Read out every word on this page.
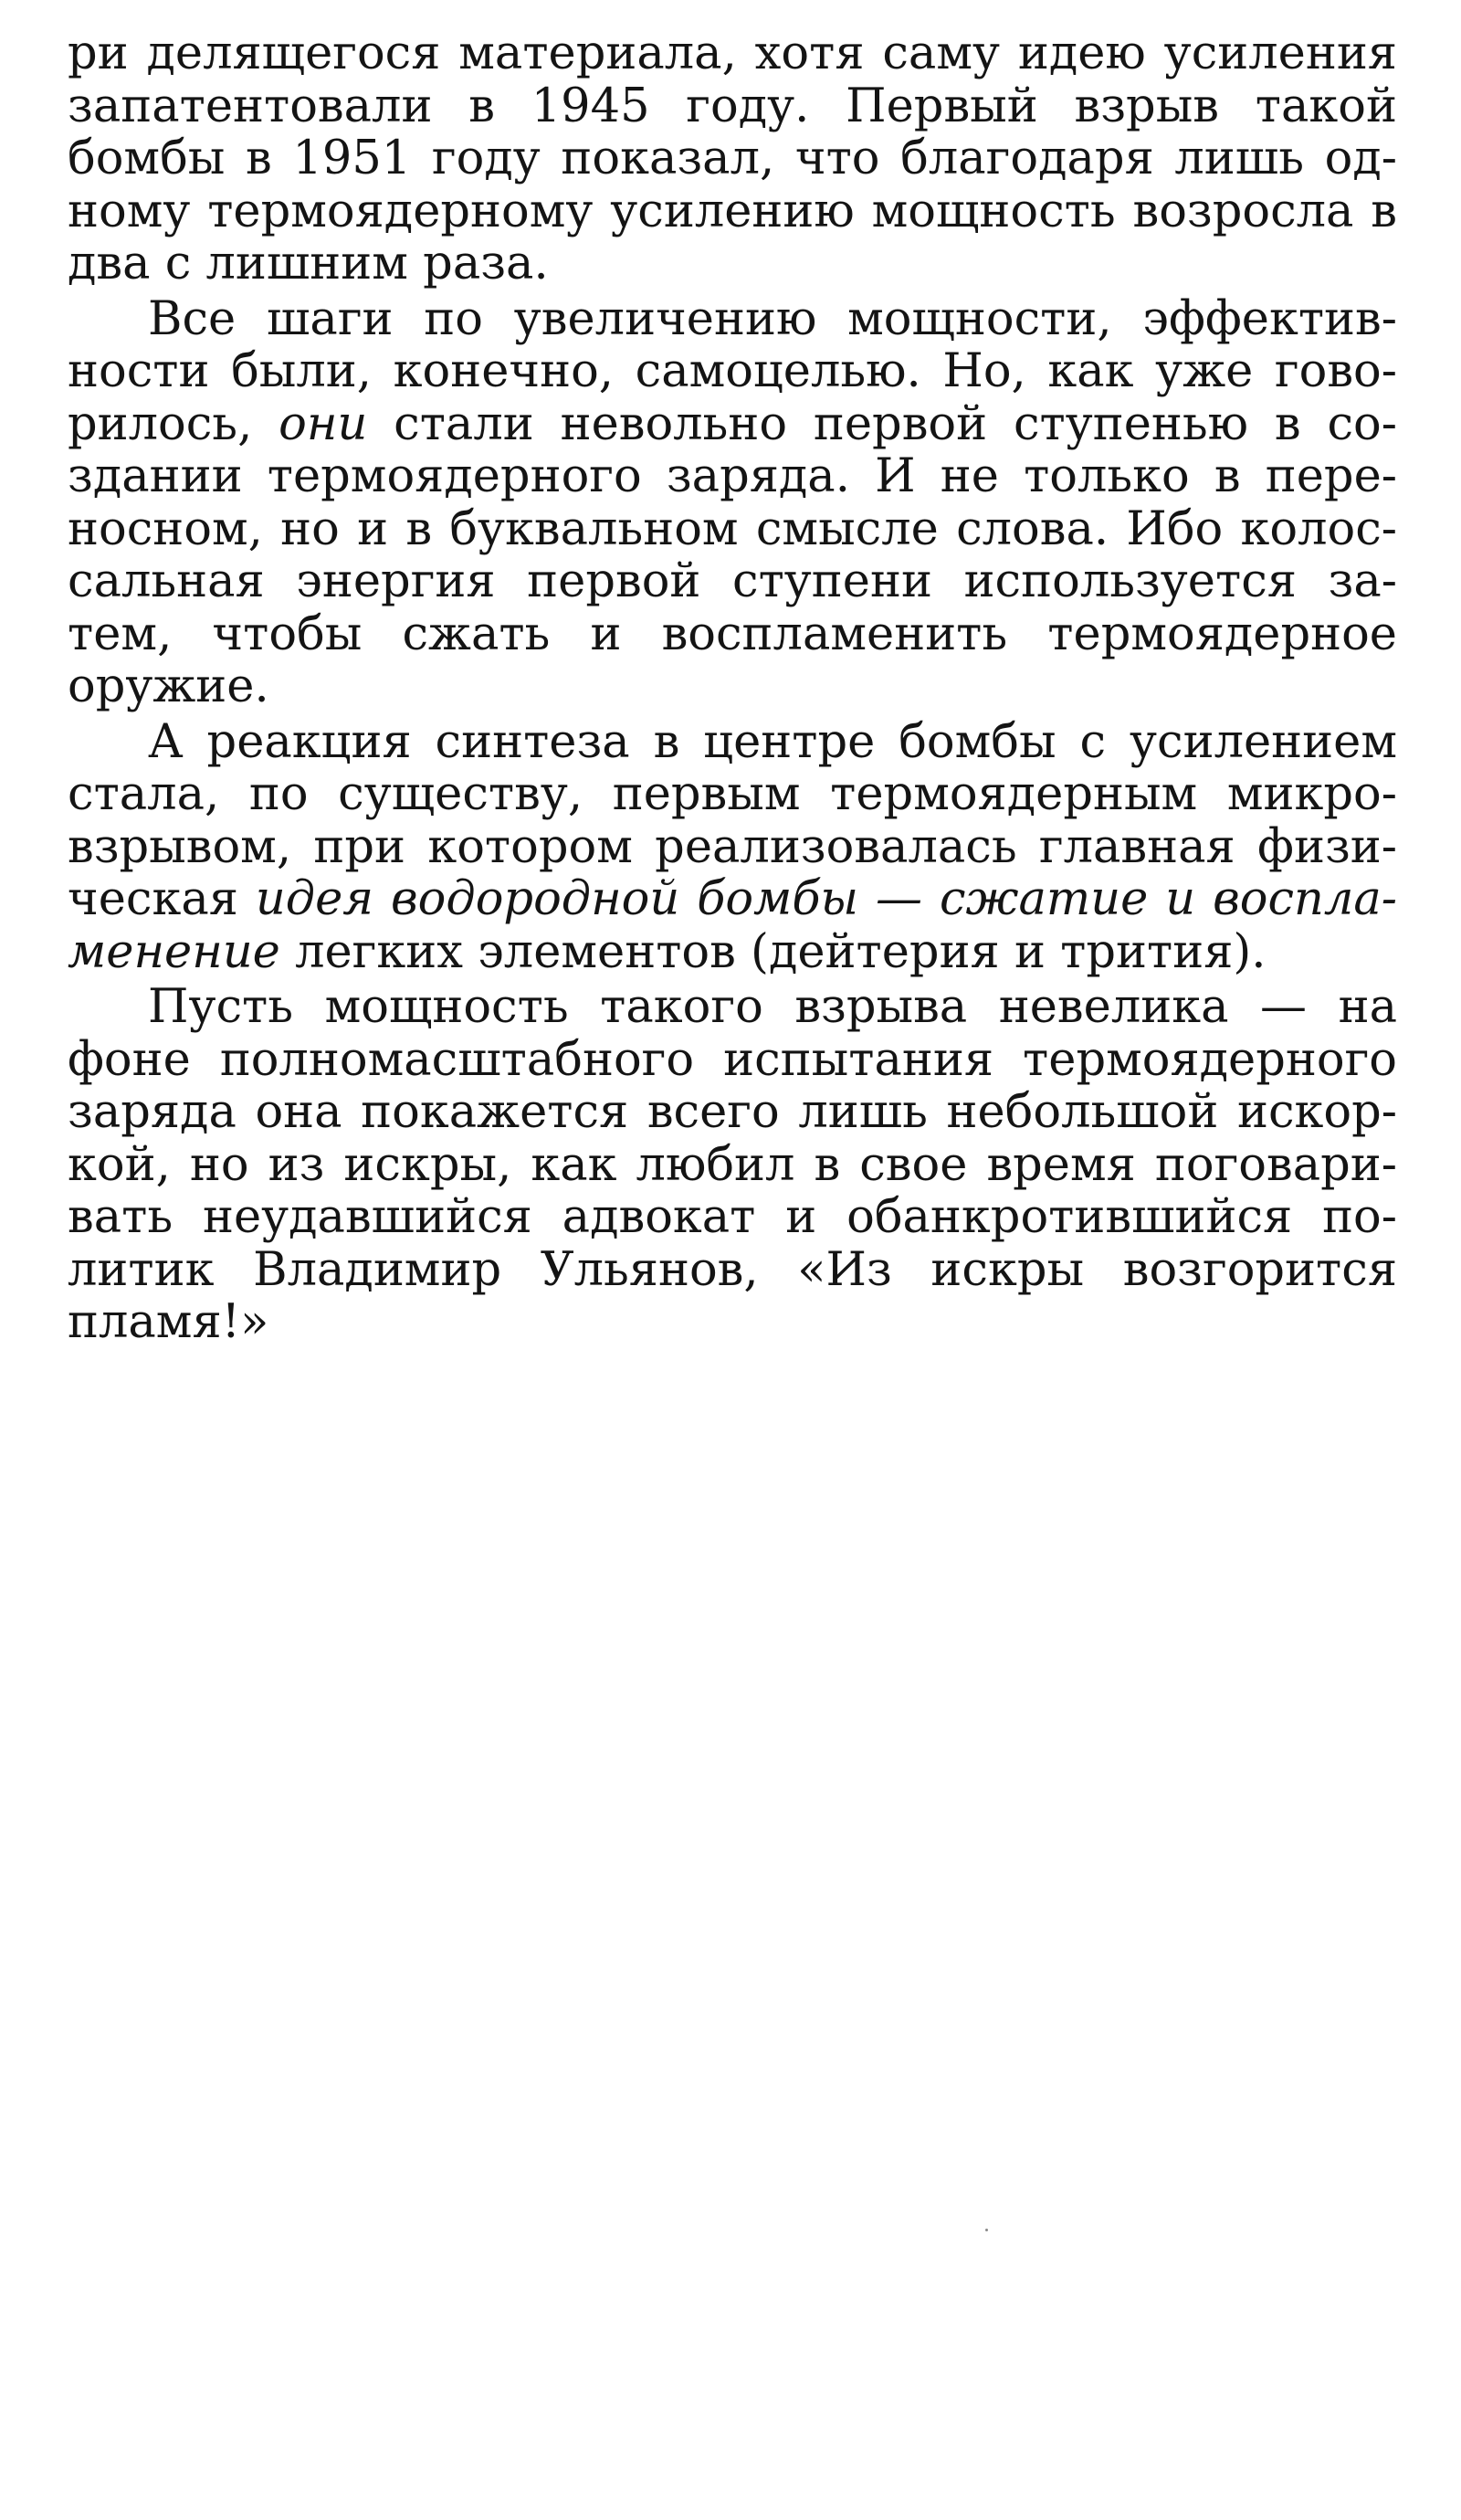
ри делящегося материала, хотя саму идею усиления запатентовали в 1945 году. Первый взрыв такой бомбы в 1951 году показал, что благодаря лишь одному термоядерному усилению мощность возросла в два с лишним раза.

Все шаги по увеличению мощности, эффективности были, конечно, самоцелью. Но, как уже говорилось, они стали невольно первой ступенью в создании термоядерного заряда. И не только в переносном, но и в буквальном смысле слова. Ибо колоссальная энергия первой ступени используется затем, чтобы сжать и воспламенить термоядерное оружие.

А реакция синтеза в центре бомбы с усилением стала, по существу, первым термоядерным микровзрывом, при котором реализовалась главная физическая идея водородной бомбы — сжатие и воспламенение легких элементов (дейтерия и трития).

Пусть мощность такого взрыва невелика — на фоне полномасштабного испытания термоядерного заряда она покажется всего лишь небольшой искоркой, но из искры, как любил в свое время поговаривать неудавшийся адвокат и обанкротившийся политик Владимир Ульянов, «Из искры возгорится пламя!»
